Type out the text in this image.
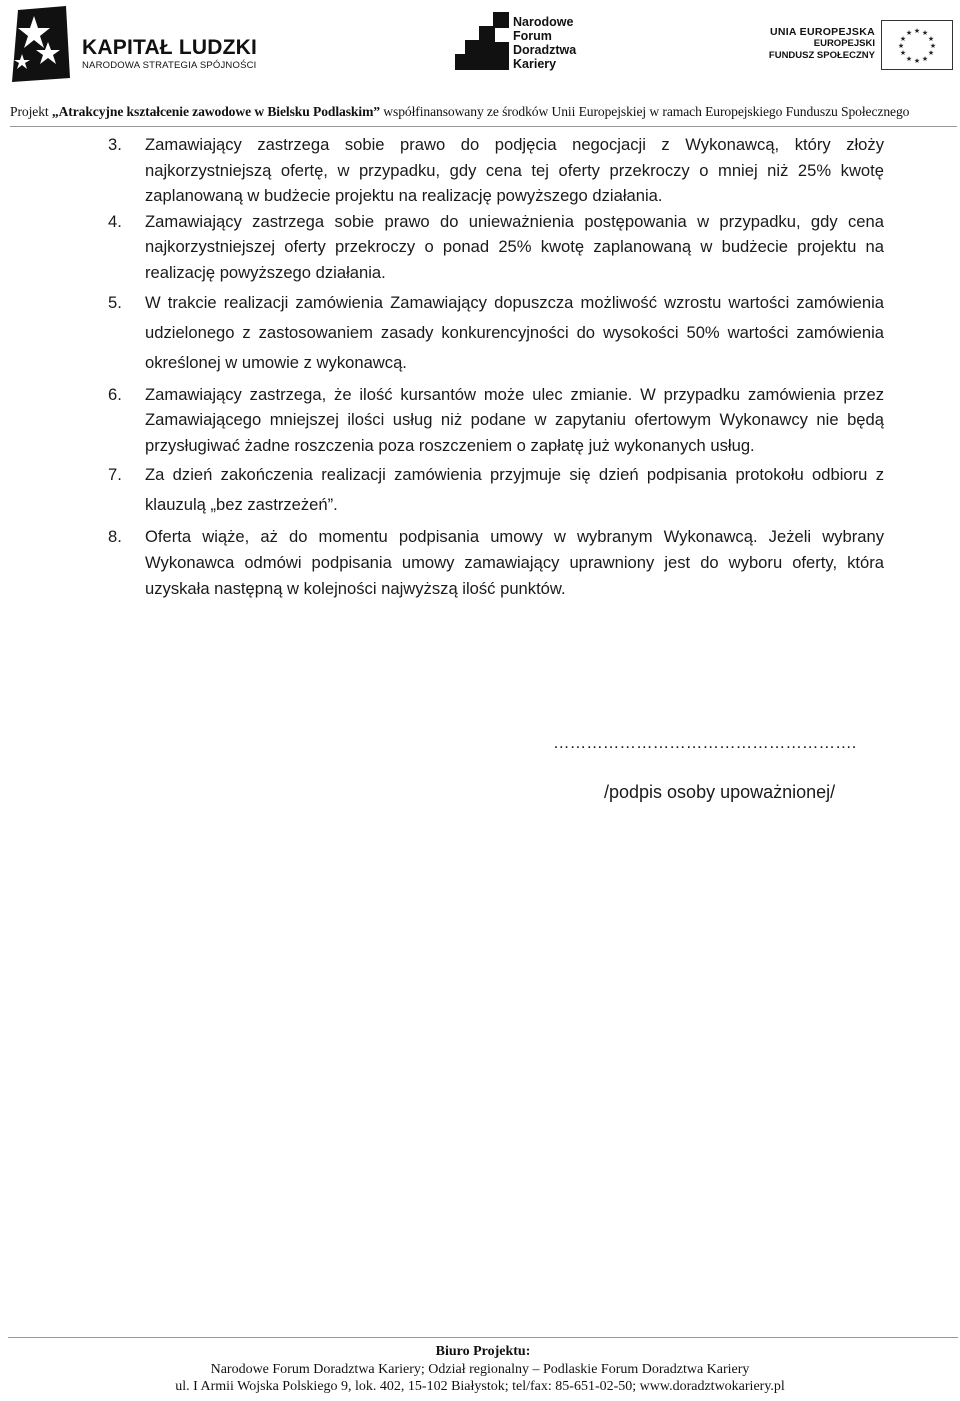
KAPITAŁ LUDZKI
NARODOWA STRATEGIA SPÓJNOŚCI
Narodowe
Forum
Doradztwa
Kariery
UNIA EUROPEJSKA
EUROPEJSKI
FUNDUSZ SPOŁECZNY
★ ★
★
★
★
★
★
★
★
★
★
★
Projekt „Atrakcyjne kształcenie zawodowe w Bielsku Podlaskim” współfinansowany ze środków Unii Europejskiej w ramach Europejskiego Funduszu Społecznego
3. Zamawiający zastrzega sobie prawo do podjęcia negocjacji z Wykonawcą, który złoży najkorzystniejszą ofertę, w przypadku, gdy cena tej oferty przekroczy o mniej niż 25% kwotę zaplanowaną w budżecie projektu na realizację powyższego działania.
4. Zamawiający zastrzega sobie prawo do unieważnienia postępowania w przypadku, gdy cena najkorzystniejszej oferty przekroczy o ponad 25% kwotę zaplanowaną w budżecie projektu na realizację powyższego działania.
5. W trakcie realizacji zamówienia Zamawiający dopuszcza możliwość wzrostu wartości zamówienia udzielonego z zastosowaniem zasady konkurencyjności do wysokości 50% wartości zamówienia określonej w umowie z wykonawcą.
6. Zamawiający zastrzega, że ilość kursantów może ulec zmianie. W przypadku zamówienia przez Zamawiającego mniejszej ilości usług niż podane w zapytaniu ofertowym Wykonawcy nie będą przysługiwać żadne roszczenia poza roszczeniem o zapłatę już wykonanych usług.
7. Za dzień zakończenia realizacji zamówienia przyjmuje się dzień podpisania protokołu odbioru z klauzulą „bez zastrzeżeń”.
8. Oferta wiąże, aż do momentu podpisania umowy w wybranym Wykonawcą. Jeżeli wybrany Wykonawca odmówi podpisania umowy zamawiający uprawniony jest do wyboru oferty, która uzyskała następną w kolejności najwyższą ilość punktów.
……………………………………………….
/podpis osoby upoważnionej/
Biuro Projektu:
Narodowe Forum Doradztwa Kariery; Odział regionalny – Podlaskie Forum Doradztwa Kariery
ul. I Armii Wojska Polskiego 9, lok. 402, 15-102 Białystok; tel/fax: 85-651-02-50; www.doradztwokariery.pl
